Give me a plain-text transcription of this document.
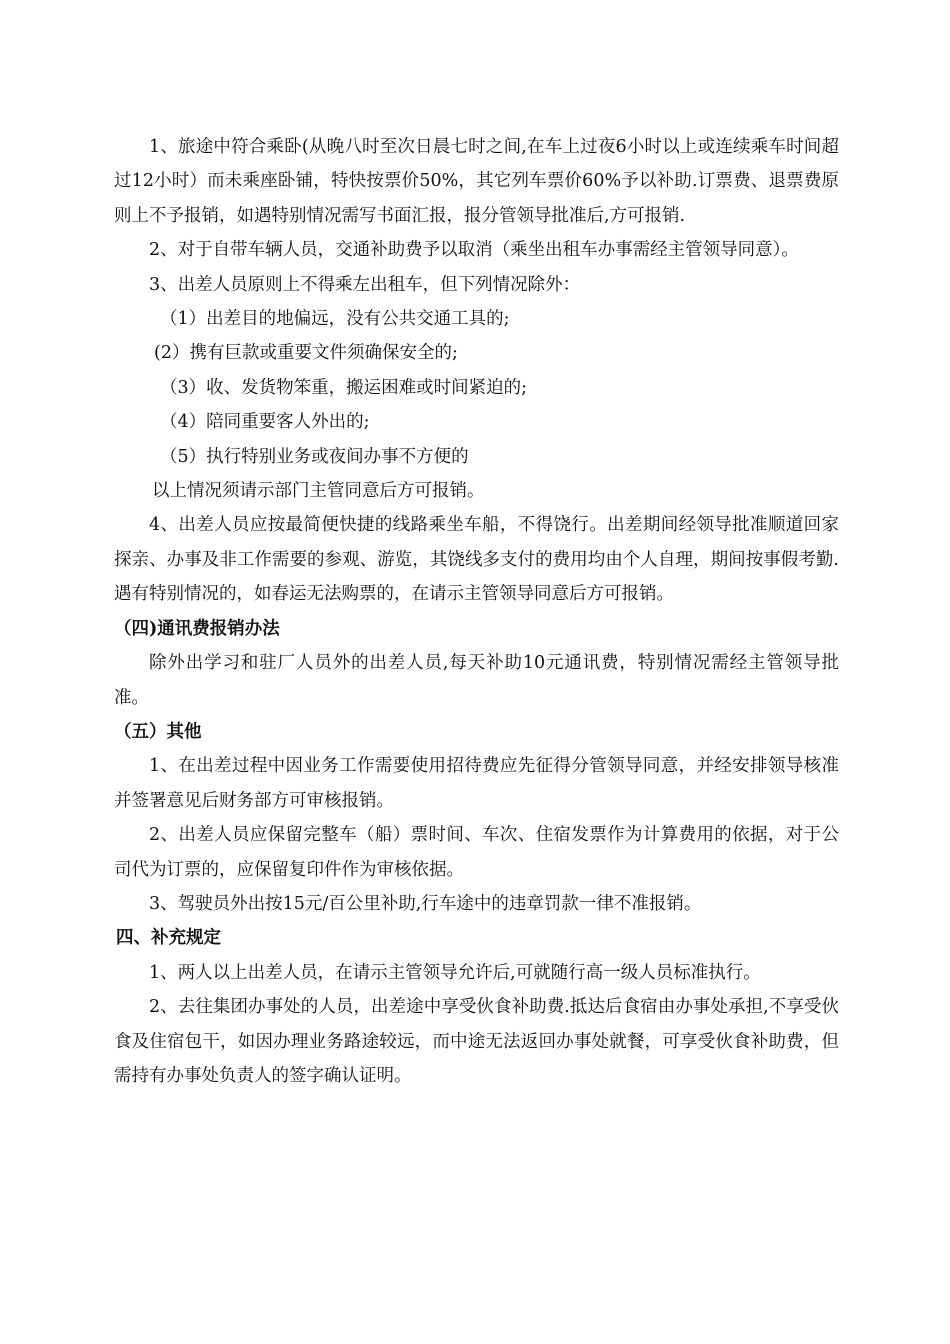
1、旅途中符合乘卧(从晚八时至次日晨七时之间,在车上过夜6小时以上或连续乘车时间超过12小时）而未乘座卧铺，特快按票价50%，其它列车票价60%予以补助.订票费、退票费原则上不予报销，如遇特别情况需写书面汇报，报分管领导批准后,方可报销.

2、对于自带车辆人员，交通补助费予以取消（乘坐出租车办事需经主管领导同意）。

3、出差人员原则上不得乘左出租车，但下列情况除外：

（1）出差目的地偏远，没有公共交通工具的;

(2）携有巨款或重要文件须确保安全的;

（3）收、发货物笨重，搬运困难或时间紧迫的;

（4）陪同重要客人外出的;

（5）执行特别业务或夜间办事不方便的

以上情况须请示部门主管同意后方可报销。

4、出差人员应按最简便快捷的线路乘坐车船，不得饶行。出差期间经领导批准顺道回家探亲、办事及非工作需要的参观、游览，其饶线多支付的费用均由个人自理，期间按事假考勤.遇有特别情况的，如春运无法购票的，在请示主管领导同意后方可报销。

（四)通讯费报销办法

除外出学习和驻厂人员外的出差人员,每天补助10元通讯费，特别情况需经主管领导批准。

（五）其他

1、在出差过程中因业务工作需要使用招待费应先征得分管领导同意，并经安排领导核准并签署意见后财务部方可审核报销。

2、出差人员应保留完整车（船）票时间、车次、住宿发票作为计算费用的依据，对于公司代为订票的，应保留复印件作为审核依据。

3、驾驶员外出按15元/百公里补助,行车途中的违章罚款一律不准报销。

四、补充规定

1、两人以上出差人员，在请示主管领导允许后,可就随行高一级人员标准执行。

2、去往集团办事处的人员，出差途中享受伙食补助费.抵达后食宿由办事处承担,不享受伙食及住宿包干，如因办理业务路途较远，而中途无法返回办事处就餐，可享受伙食补助费，但需持有办事处负责人的签字确认证明。
